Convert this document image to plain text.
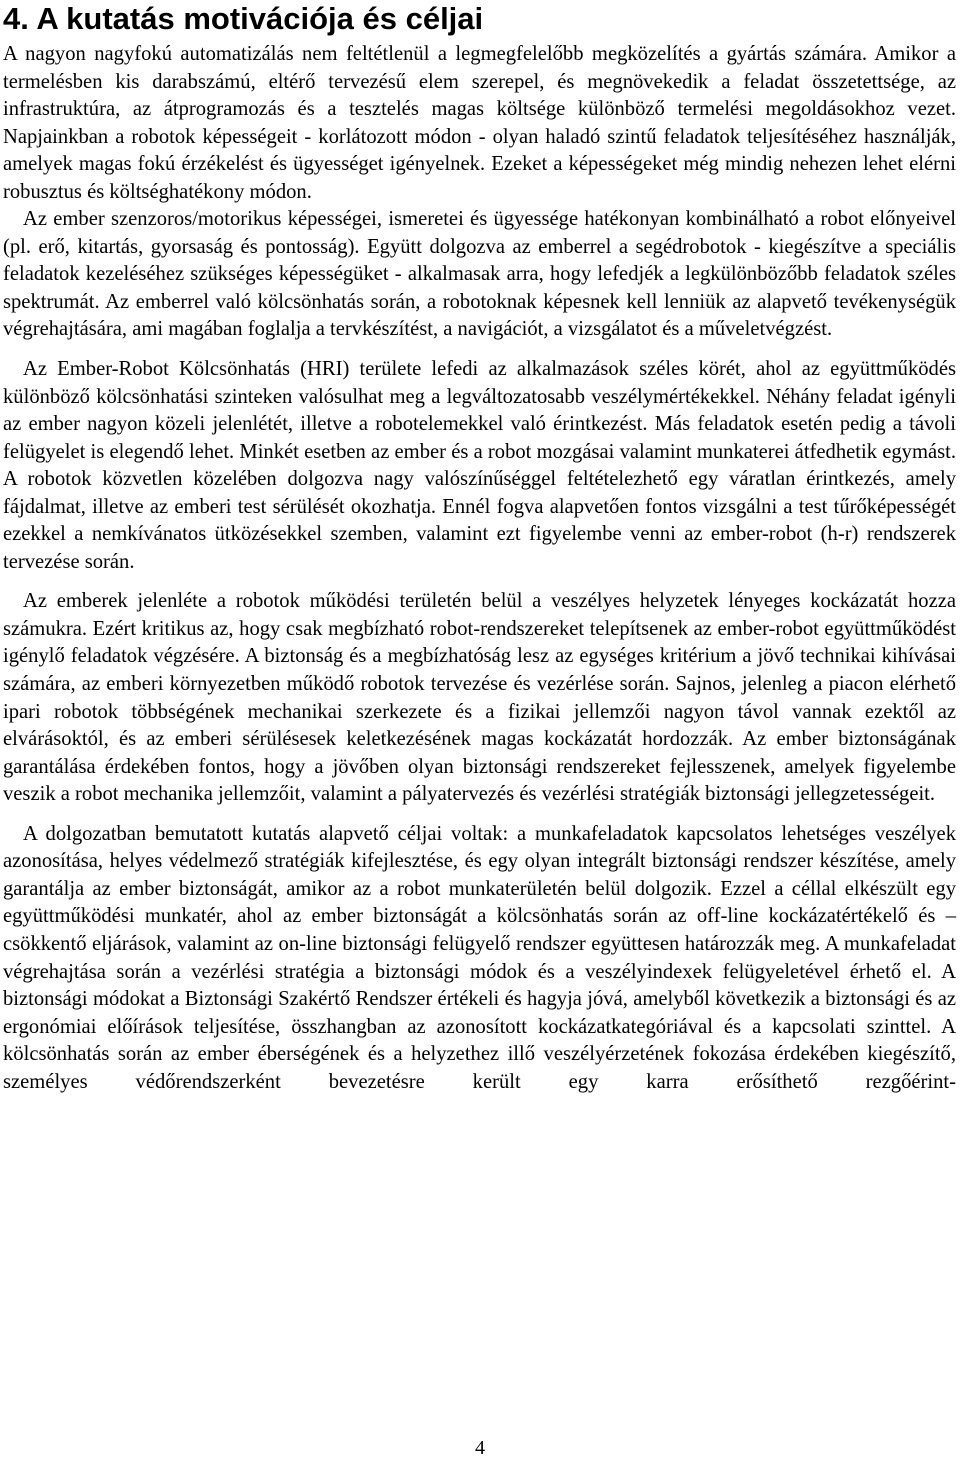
4. A kutatás motivációja és céljai

A nagyon nagyfokú automatizálás nem feltétlenül a legmegfelelőbb megközelítés a gyártás számára. Amikor a termelésben kis darabszámú, eltérő tervezésű elem szerepel, és megnövekedik a feladat összetettsége, az infrastruktúra, az átprogramozás és a tesztelés magas költsége különböző termelési megoldásokhoz vezet. Napjainkban a robotok képességeit - korlátozott módon - olyan haladó szintű feladatok teljesítéséhez használják, amelyek magas fokú érzékelést és ügyességet igényelnek. Ezeket a képességeket még mindig nehezen lehet elérni robusztus és költséghatékony módon.

Az ember szenzoros/motorikus képességei, ismeretei és ügyessége hatékonyan kombinálható a robot előnyeivel (pl. erő, kitartás, gyorsaság és pontosság). Együtt dolgozva az emberrel a segédrobotok - kiegészítve a speciális feladatok kezeléséhez szükséges képességüket - alkalmasak arra, hogy lefedjék a legkülönbözőbb feladatok széles spektrumát. Az emberrel való kölcsönhatás során, a robotoknak képesnek kell lenniük az alapvető tevékenységük végrehajtására, ami magában foglalja a tervkészítést, a navigációt, a vizsgálatot és a műveletvégzést.

Az Ember-Robot Kölcsönhatás (HRI) területe lefedi az alkalmazások széles körét, ahol az együttműködés különböző kölcsönhatási szinteken valósulhat meg a legváltozatosabb veszélymértékekkel. Néhány feladat igényli az ember nagyon közeli jelenlétét, illetve a robotelemekkel való érintkezést. Más feladatok esetén pedig a távoli felügyelet is elegendő lehet. Minkét esetben az ember és a robot mozgásai valamint munkaterei átfedhetik egymást. A robotok közvetlen közelében dolgozva nagy valószínűséggel feltételezhető egy váratlan érintkezés, amely fájdalmat, illetve az emberi test sérülését okozhatja. Ennél fogva alapvetően fontos vizsgálni a test tűrőképességét ezekkel a nemkívánatos ütközésekkel szemben, valamint ezt figyelembe venni az ember-robot (h-r) rendszerek tervezése során.

Az emberek jelenléte a robotok működési területén belül a veszélyes helyzetek lényeges kockázatát hozza számukra. Ezért kritikus az, hogy csak megbízható robot-rendszereket telepítsenek az ember-robot együttműködést igénylő feladatok végzésére. A biztonság és a megbízhatóság lesz az egységes kritérium a jövő technikai kihívásai számára, az emberi környezetben működő robotok tervezése és vezérlése során. Sajnos, jelenleg a piacon elérhető ipari robotok többségének mechanikai szerkezete és a fizikai jellemzői nagyon távol vannak ezektől az elvárásoktól, és az emberi sérülésesek keletkezésének magas kockázatát hordozzák. Az ember biztonságának garantálása érdekében fontos, hogy a jövőben olyan biztonsági rendszereket fejlesszenek, amelyek figyelembe veszik a robot mechanika jellemzőit, valamint a pályatervezés és vezérlési stratégiák biztonsági jellegzetességeit.

A dolgozatban bemutatott kutatás alapvető céljai voltak: a munkafeladatok kapcsolatos lehetséges veszélyek azonosítása, helyes védelmező stratégiák kifejlesztése, és egy olyan integrált biztonsági rendszer készítése, amely garantálja az ember biztonságát, amikor az a robot munkaterületén belül dolgozik. Ezzel a céllal elkészült egy együttműködési munkatér, ahol az ember biztonságát a kölcsönhatás során az off-line kockázatértékelő és –csökkentő eljárások, valamint az on-line biztonsági felügyelő rendszer együttesen határozzák meg. A munkafeladat végrehajtása során a vezérlési stratégia a biztonsági módok és a veszélyindexek felügyeletével érhető el. A biztonsági módokat a Biztonsági Szakértő Rendszer értékeli és hagyja jóvá, amelyből következik a biztonsági és az ergonómiai előírások teljesítése, összhangban az azonosított kockázatkategóriával és a kapcsolati szinttel. A kölcsönhatás során az ember éberségének és a helyzethez illő veszélyérzetének fokozása érdekében kiegészítő, személyes védőrendszerként bevezetésre került egy karra erősíthető rezgőérint-

4
